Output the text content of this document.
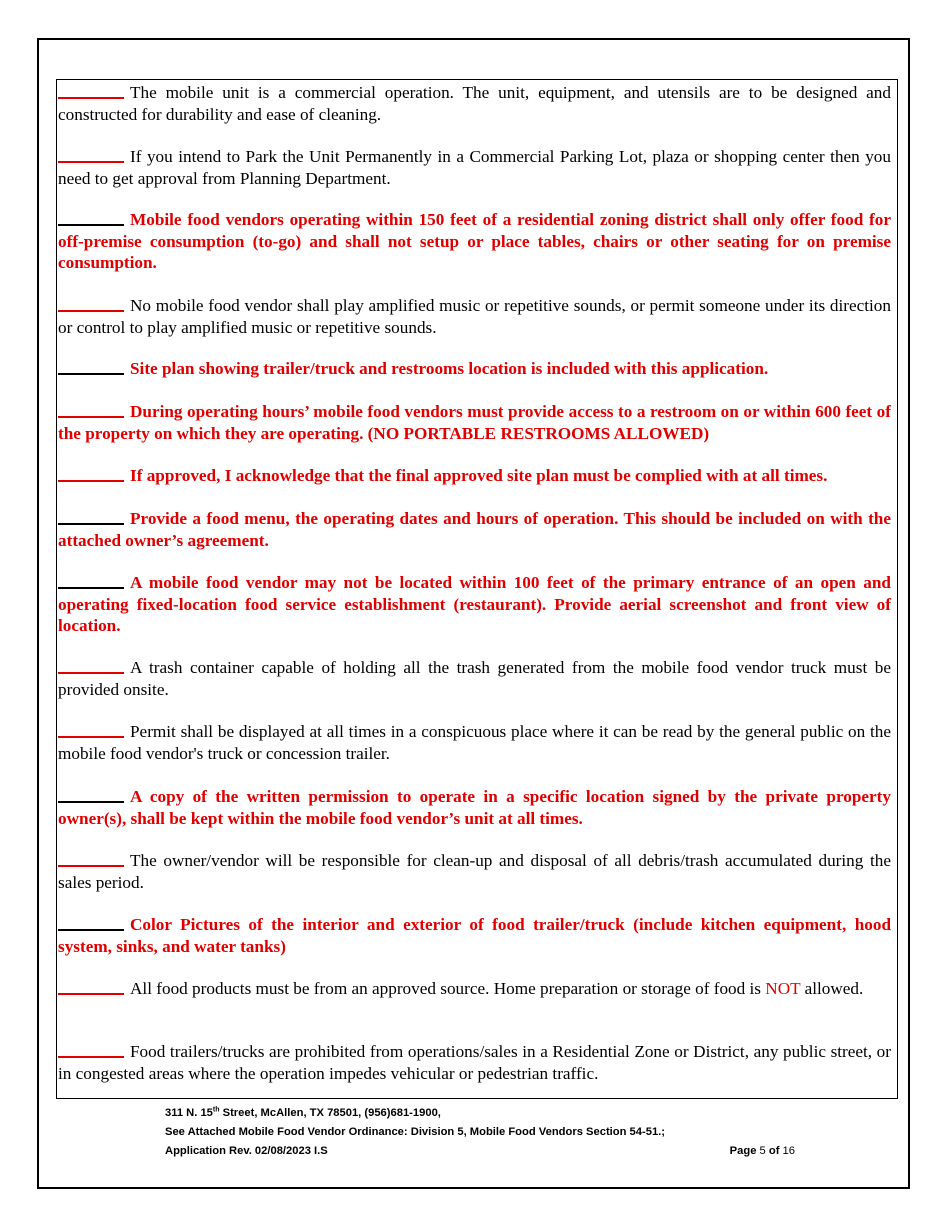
The mobile unit is a commercial operation. The unit, equipment, and utensils are to be designed and constructed for durability and ease of cleaning.

If you intend to Park the Unit Permanently in a Commercial Parking Lot, plaza or shopping center then you need to get approval from Planning Department.

Mobile food vendors operating within 150 feet of a residential zoning district shall only offer food for off-premise consumption (to-go) and shall not setup or place tables, chairs or other seating for on premise consumption.

No mobile food vendor shall play amplified music or repetitive sounds, or permit someone under its direction or control to play amplified music or repetitive sounds.

Site plan showing trailer/truck and restrooms location is included with this application.

During operating hours’ mobile food vendors must provide access to a restroom on or within 600 feet of the property on which they are operating. (NO PORTABLE RESTROOMS ALLOWED)

If approved, I acknowledge that the final approved site plan must be complied with at all times.

Provide a food menu, the operating dates and hours of operation. This should be included on with the attached owner’s agreement.

A mobile food vendor may not be located within 100 feet of the primary entrance of an open and operating fixed-location food service establishment (restaurant). Provide aerial screenshot and front view of location.

A trash container capable of holding all the trash generated from the mobile food vendor truck must be provided onsite.

Permit shall be displayed at all times in a conspicuous place where it can be read by the general public on the mobile food vendor's truck or concession trailer.

A copy of the written permission to operate in a specific location signed by the private property owner(s), shall be kept within the mobile food vendor’s unit at all times.

The owner/vendor will be responsible for clean-up and disposal of all debris/trash accumulated during the sales period.

Color Pictures of the interior and exterior of food trailer/truck (include kitchen equipment, hood system, sinks, and water tanks)

All food products must be from an approved source. Home preparation or storage of food is NOT allowed.

Food trailers/trucks are prohibited from operations/sales in a Residential Zone or District, any public street, or in congested areas where the operation impedes vehicular or pedestrian traffic.

311 N. 15th Street, McAllen, TX 78501, (956)681-1900,
See Attached Mobile Food Vendor Ordinance: Division 5, Mobile Food Vendors Section 54-51.;
Application Rev. 02/08/2023 I.S	Page 5 of 16
